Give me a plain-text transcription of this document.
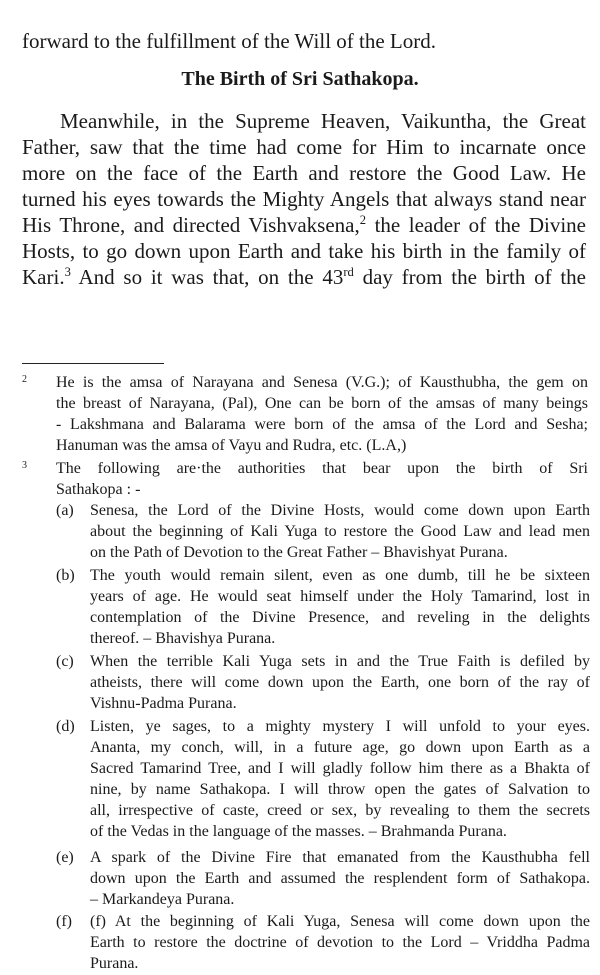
forward to the fulfillment of the Will of the Lord.
The Birth of Sri Sathakopa.
Meanwhile, in the Supreme Heaven, Vaikuntha, the Great
Father, saw that the time had come for Him to incarnate once
more on the face of the Earth and restore the Good Law. He
turned his eyes towards the Mighty Angels that always stand near
His Throne, and directed Vishvaksena,$^2$ the leader of the Divine
Hosts, to go down upon Earth and take his birth in the family of
Kari.$^3$ And so it was that, on the 43rd day from the birth of the
2 He is the amsa of Narayana and Senesa (V.G.); of Kausthubha, the gem on
the breast of Narayana, (Pal), One can be born of the amsas of many beings
- Lakshmana and Balarama were born of the amsa of the Lord and Sesha;
Hanuman was the amsa of Vayu and Rudra, etc. (L.A,)
3 The following are·the authorities that bear upon the birth of Sri
Sathakopa : -
(a) Senesa, the Lord of the Divine Hosts, would come down upon Earth
about the beginning of Kali Yuga to restore the Good Law and lead men
on the Path of Devotion to the Great Father – Bhavishyat Purana.
(b) The youth would remain silent, even as one dumb, till he be sixteen
years of age. He would seat himself under the Holy Tamarind, lost in
contemplation of the Divine Presence, and reveling in the delights
thereof. – Bhavishya Purana.
(c) When the terrible Kali Yuga sets in and the True Faith is defiled by
atheists, there will come down upon the Earth, one born of the ray of
Vishnu-Padma Purana.
(d) Listen, ye sages, to a mighty mystery I will unfold to your eyes.
Ananta, my conch, will, in a future age, go down upon Earth as a
Sacred Tamarind Tree, and I will gladly follow him there as a Bhakta of
nine, by name Sathakopa. I will throw open the gates of Salvation to
all, irrespective of caste, creed or sex, by revealing to them the secrets
of the Vedas in the language of the masses. – Brahmanda Purana.
(e) A spark of the Divine Fire that emanated from the Kausthubha fell
down upon the Earth and assumed the resplendent form of Sathakopa.
– Markandeya Purana.
(f) (f) At the beginning of Kali Yuga, Senesa will come down upon the
Earth to restore the doctrine of devotion to the Lord – Vriddha Padma
Purana.
